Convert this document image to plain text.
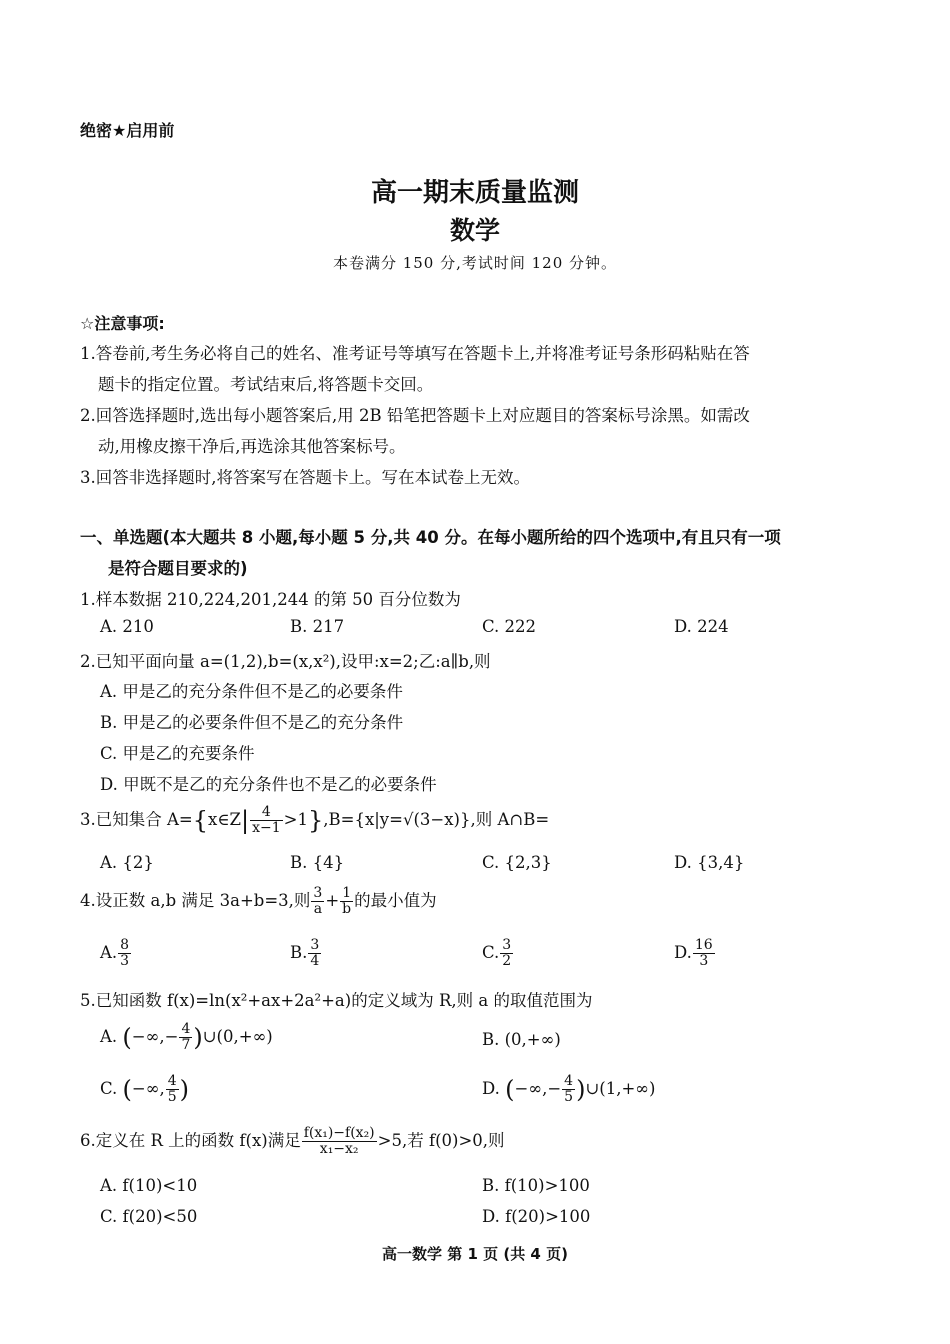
绝密★启用前
高一期末质量监测
数学
本卷满分 150 分,考试时间 120 分钟。
☆注意事项:
1.答卷前,考生务必将自己的姓名、准考证号等填写在答题卡上,并将准考证号条形码粘贴在答
题卡的指定位置。考试结束后,将答题卡交回。
2.回答选择题时,选出每小题答案后,用 2B 铅笔把答题卡上对应题目的答案标号涂黑。如需改
动,用橡皮擦干净后,再选涂其他答案标号。
3.回答非选择题时,将答案写在答题卡上。写在本试卷上无效。
一、单选题(本大题共 8 小题,每小题 5 分,共 40 分。在每小题所给的四个选项中,有且只有一项
是符合题目要求的)
1.样本数据 210,224,201,244 的第 50 百分位数为
A. 210	B. 217	C. 222	D. 224
2.已知平面向量 a=(1,2),b=(x,x²),设甲:x=2;乙:a∥b,则
A. 甲是乙的充分条件但不是乙的必要条件
B. 甲是乙的必要条件但不是乙的充分条件
C. 甲是乙的充要条件
D. 甲既不是乙的充分条件也不是乙的必要条件
3.已知集合 A={x∈Z| $\frac{4}{x-1} >1\},B=\{x|y=√(3-x)\}$,则 A∩B=
A. {2}	B. {4}	C. {2,3}	D. {3,4}
4.设正数 a,b 满足 3a+b=3,则 $\frac{3}{a} + \frac{1}{b}$ 的最小值为
A. $\frac{8}{3}$	B. $\frac{3}{4}$	C. $\frac{3}{2}$	D. $\frac{16}{3}$
5.已知函数 f(x)=ln(x²+ax+2a²+a)的定义域为 R,则 a 的取值范围为
A. (−∞,− $\frac{4}{7}$ )∪(0,+∞)	B. (0,+∞)
C. (−∞, $\frac{4}{5}$ )	D. (−∞,− $\frac{4}{5}$ )∪(1,+∞)
6.定义在 R 上的函数 f(x)满足 $\frac{\text{f(x₁)−f(x₂)}}{\text{x₁−x₂}} >5$,若 f(0)>0,则
A. f(10)<10	B. f(10)>100
C. f(20)<50	D. f(20)>100
高一数学 第 1 页 (共 4 页)
